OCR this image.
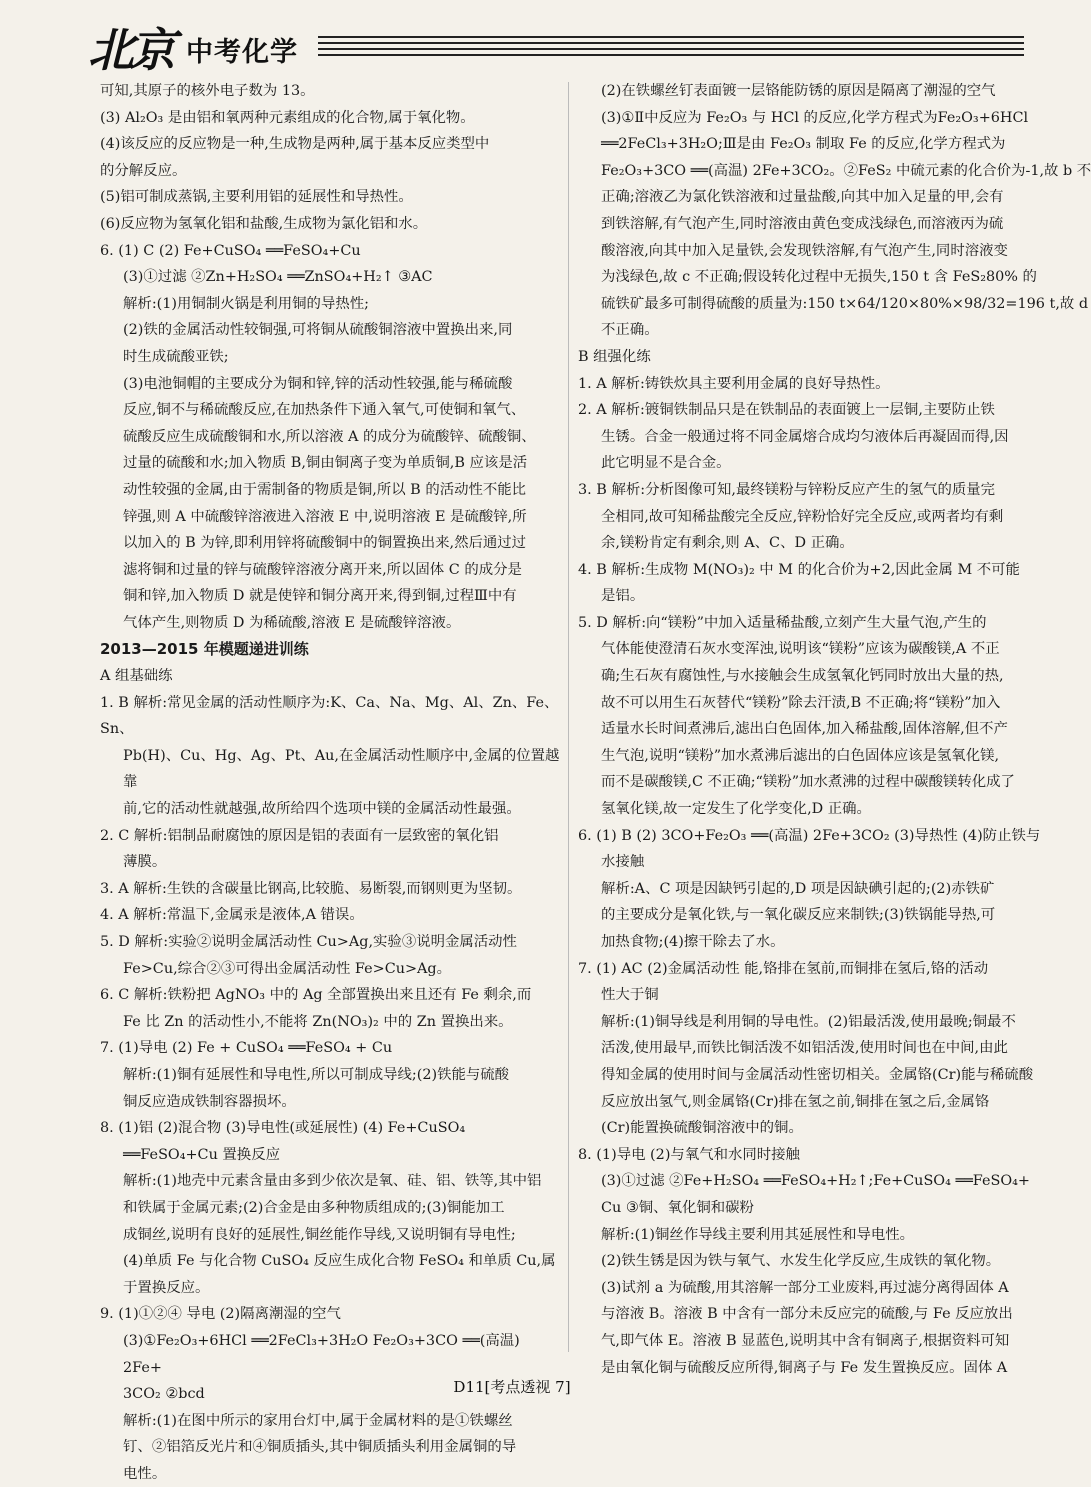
北京 中考化学

可知,其原子的核外电子数为 13。

(3) Al₂O₃ 是由铝和氧两种元素组成的化合物,属于氧化物。

(4)该反应的反应物是一种,生成物是两种,属于基本反应类型中

的分解反应。

(5)铝可制成蒸锅,主要利用铝的延展性和导热性。

(6)反应物为氢氧化铝和盐酸,生成物为氯化铝和水。

6. (1) C (2) Fe+CuSO₄ ══FeSO₄+Cu

(3)①过滤 ②Zn+H₂SO₄ ══ZnSO₄+H₂↑ ③AC

解析:(1)用铜制火锅是利用铜的导热性;

(2)铁的金属活动性较铜强,可将铜从硫酸铜溶液中置换出来,同

时生成硫酸亚铁;

(3)电池铜帽的主要成分为铜和锌,锌的活动性较强,能与稀硫酸

反应,铜不与稀硫酸反应,在加热条件下通入氧气,可使铜和氧气、

硫酸反应生成硫酸铜和水,所以溶液 A 的成分为硫酸锌、硫酸铜、

过量的硫酸和水;加入物质 B,铜由铜离子变为单质铜,B 应该是活

动性较强的金属,由于需制备的物质是铜,所以 B 的活动性不能比

锌强,则 A 中硫酸锌溶液进入溶液 E 中,说明溶液 E 是硫酸锌,所

以加入的 B 为锌,即利用锌将硫酸铜中的铜置换出来,然后通过过

滤将铜和过量的锌与硫酸锌溶液分离开来,所以固体 C 的成分是

铜和锌,加入物质 D 就是使锌和铜分离开来,得到铜,过程Ⅲ中有

气体产生,则物质 D 为稀硫酸,溶液 E 是硫酸锌溶液。

2013—2015 年模题递进训练

A 组基础练

1. B 解析:常见金属的活动性顺序为:K、Ca、Na、Mg、Al、Zn、Fe、Sn、

Pb(H)、Cu、Hg、Ag、Pt、Au,在金属活动性顺序中,金属的位置越靠

前,它的活动性就越强,故所给四个选项中镁的金属活动性最强。

2. C 解析:铝制品耐腐蚀的原因是铝的表面有一层致密的氧化铝

薄膜。

3. A 解析:生铁的含碳量比钢高,比较脆、易断裂,而钢则更为坚韧。

4. A 解析:常温下,金属汞是液体,A 错误。

5. D 解析:实验②说明金属活动性 Cu>Ag,实验③说明金属活动性

Fe>Cu,综合②③可得出金属活动性 Fe>Cu>Ag。

6. C 解析:铁粉把 AgNO₃ 中的 Ag 全部置换出来且还有 Fe 剩余,而

Fe 比 Zn 的活动性小,不能将 Zn(NO₃)₂ 中的 Zn 置换出来。

7. (1)导电 (2) Fe + CuSO₄ ══FeSO₄ + Cu

解析:(1)铜有延展性和导电性,所以可制成导线;(2)铁能与硫酸

铜反应造成铁制容器损坏。

8. (1)铝 (2)混合物 (3)导电性(或延展性) (4) Fe+CuSO₄

══FeSO₄+Cu 置换反应

解析:(1)地壳中元素含量由多到少依次是氧、硅、铝、铁等,其中铝

和铁属于金属元素;(2)合金是由多种物质组成的;(3)铜能加工

成铜丝,说明有良好的延展性,铜丝能作导线,又说明铜有导电性;

(4)单质 Fe 与化合物 CuSO₄ 反应生成化合物 FeSO₄ 和单质 Cu,属

于置换反应。

9. (1)①②④ 导电 (2)隔离潮湿的空气

(3)①Fe₂O₃+6HCl ══2FeCl₃+3H₂O Fe₂O₃+3CO ══(高温) 2Fe+

3CO₂ ②bcd

解析:(1)在图中所示的家用台灯中,属于金属材料的是①铁螺丝

钉、②铝箔反光片和④铜质插头,其中铜质插头利用金属铜的导

电性。

(2)在铁螺丝钉表面镀一层铬能防锈的原因是隔离了潮湿的空气

(3)①Ⅱ中反应为 Fe₂O₃ 与 HCl 的反应,化学方程式为Fe₂O₃+6HCl

══2FeCl₃+3H₂O;Ⅲ是由 Fe₂O₃ 制取 Fe 的反应,化学方程式为

Fe₂O₃+3CO ══(高温) 2Fe+3CO₂。②FeS₂ 中硫元素的化合价为-1,故 b 不

正确;溶液乙为氯化铁溶液和过量盐酸,向其中加入足量的甲,会有

到铁溶解,有气泡产生,同时溶液由黄色变成浅绿色,而溶液丙为硫

酸溶液,向其中加入足量铁,会发现铁溶解,有气泡产生,同时溶液变

为浅绿色,故 c 不正确;假设转化过程中无损失,150 t 含 FeS₂80% 的

硫铁矿最多可制得硫酸的质量为:150 t×64/120×80%×98/32=196 t,故 d

不正确。

B 组强化练

1. A 解析:铸铁炊具主要利用金属的良好导热性。

2. A 解析:镀铜铁制品只是在铁制品的表面镀上一层铜,主要防止铁

生锈。合金一般通过将不同金属熔合成均匀液体后再凝固而得,因

此它明显不是合金。

3. B 解析:分析图像可知,最终镁粉与锌粉反应产生的氢气的质量完

全相同,故可知稀盐酸完全反应,锌粉恰好完全反应,或两者均有剩

余,镁粉肯定有剩余,则 A、C、D 正确。

4. B 解析:生成物 M(NO₃)₂ 中 M 的化合价为+2,因此金属 M 不可能

是铝。

5. D 解析:向“镁粉”中加入适量稀盐酸,立刻产生大量气泡,产生的

气体能使澄清石灰水变浑浊,说明该“镁粉”应该为碳酸镁,A 不正

确;生石灰有腐蚀性,与水接触会生成氢氧化钙同时放出大量的热,

故不可以用生石灰替代“镁粉”除去汗渍,B 不正确;将“镁粉”加入

适量水长时间煮沸后,滤出白色固体,加入稀盐酸,固体溶解,但不产

生气泡,说明“镁粉”加水煮沸后滤出的白色固体应该是氢氧化镁,

而不是碳酸镁,C 不正确;“镁粉”加水煮沸的过程中碳酸镁转化成了

氢氧化镁,故一定发生了化学变化,D 正确。

6. (1) B (2) 3CO+Fe₂O₃ ══(高温) 2Fe+3CO₂ (3)导热性 (4)防止铁与

水接触

解析:A、C 项是因缺钙引起的,D 项是因缺碘引起的;(2)赤铁矿

的主要成分是氧化铁,与一氧化碳反应来制铁;(3)铁锅能导热,可

加热食物;(4)擦干除去了水。

7. (1) AC (2)金属活动性 能,铬排在氢前,而铜排在氢后,铬的活动

性大于铜

解析:(1)铜导线是利用铜的导电性。(2)铝最活泼,使用最晚;铜最不

活泼,使用最早,而铁比铜活泼不如铝活泼,使用时间也在中间,由此

得知金属的使用时间与金属活动性密切相关。金属铬(Cr)能与稀硫酸

反应放出氢气,则金属铬(Cr)排在氢之前,铜排在氢之后,金属铬

(Cr)能置换硫酸铜溶液中的铜。

8. (1)导电 (2)与氧气和水同时接触

(3)①过滤 ②Fe+H₂SO₄ ══FeSO₄+H₂↑;Fe+CuSO₄ ══FeSO₄+

Cu ③铜、氧化铜和碳粉

解析:(1)铜丝作导线主要利用其延展性和导电性。

(2)铁生锈是因为铁与氧气、水发生化学反应,生成铁的氧化物。

(3)试剂 a 为硫酸,用其溶解一部分工业废料,再过滤分离得固体 A

与溶液 B。溶液 B 中含有一部分未反应完的硫酸,与 Fe 反应放出

气,即气体 E。溶液 B 显蓝色,说明其中含有铜离子,根据资料可知

是由氧化铜与硫酸反应所得,铜离子与 Fe 发生置换反应。固体 A

D11[考点透视 7]
